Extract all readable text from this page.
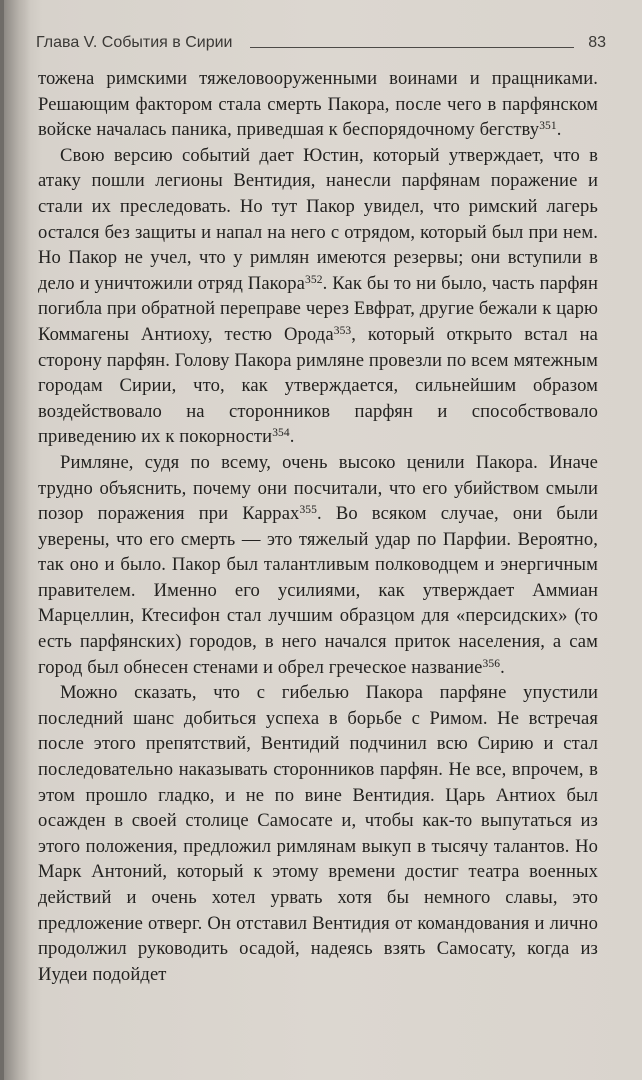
Глава V. События в Сирии	83

тожена римскими тяжеловооруженными воинами и пращниками. Решающим фактором стала смерть Пакора, после чего в парфянском войске началась паника, приведшая к беспорядочному бегству$^{351}$.

Свою версию событий дает Юстин, который утверждает, что в атаку пошли легионы Вентидия, нанесли парфянам поражение и стали их преследовать. Но тут Пакор увидел, что римский лагерь остался без защиты и напал на него с отрядом, который был при нем. Но Пакор не учел, что у римлян имеются резервы; они вступили в дело и уничтожили отряд Пакора$^{352}$. Как бы то ни было, часть парфян погибла при обратной переправе через Евфрат, другие бежали к царю Коммагены Антиоху, тестю Орода$^{353}$, который открыто встал на сторону парфян. Голову Пакора римляне провезли по всем мятежным городам Сирии, что, как утверждается, сильнейшим образом воздействовало на сторонников парфян и способствовало приведению их к покорности$^{354}$.

Римляне, судя по всему, очень высоко ценили Пакора. Иначе трудно объяснить, почему они посчитали, что его убийством смыли позор поражения при Каррах$^{355}$. Во всяком случае, они были уверены, что его смерть — это тяжелый удар по Парфии. Вероятно, так оно и было. Пакор был талантливым полководцем и энергичным правителем. Именно его усилиями, как утверждает Аммиан Марцеллин, Ктесифон стал лучшим образцом для «персидских» (то есть парфянских) городов, в него начался приток населения, а сам город был обнесен стенами и обрел греческое название$^{356}$.

Можно сказать, что с гибелью Пакора парфяне упустили последний шанс добиться успеха в борьбе с Римом. Не встречая после этого препятствий, Вентидий подчинил всю Сирию и стал последовательно наказывать сторонников парфян. Не все, впрочем, в этом прошло гладко, и не по вине Вентидия. Царь Антиох был осажден в своей столице Самосате и, чтобы как-то выпутаться из этого положения, предложил римлянам выкуп в тысячу талантов. Но Марк Антоний, который к этому времени достиг театра военных действий и очень хотел урвать хотя бы немного славы, это предложение отверг. Он отставил Вентидия от командования и лично продолжил руководить осадой, надеясь взять Самосату, когда из Иудеи подойдет
